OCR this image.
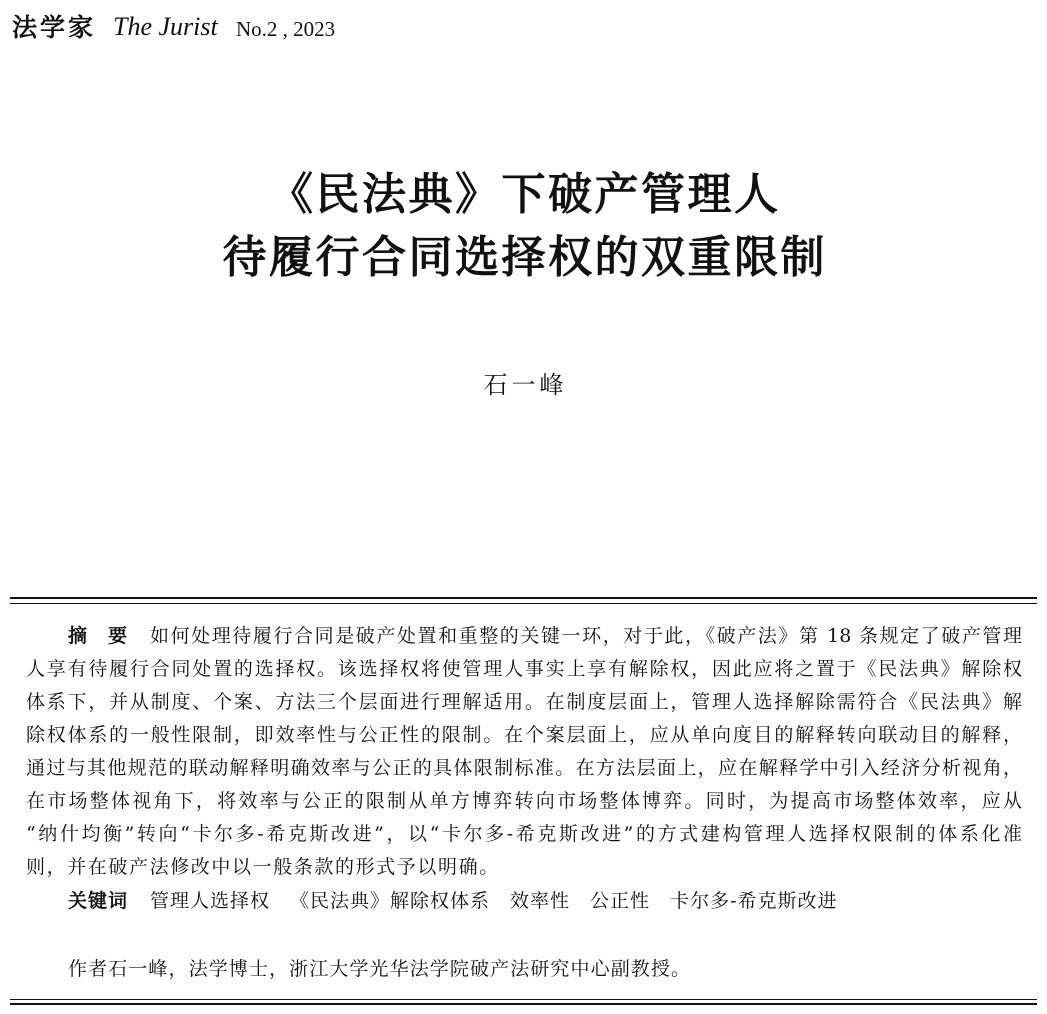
法学家 The Jurist No.2 , 2023
《民法典》下破产管理人
待履行合同选择权的双重限制
石一峰
摘　要	如何处理待履行合同是破产处置和重整的关键一环，对于此，《破产法》第 18 条规定了破产管理
人享有待履行合同处置的选择权。该选择权将使管理人事实上享有解除权，因此应将之置于《民法典》解除权
体系下，并从制度、个案、方法三个层面进行理解适用。在制度层面上，管理人选择解除需符合《民法典》解
除权体系的一般性限制，即效率性与公正性的限制。在个案层面上，应从单向度目的解释转向联动目的解释，
通过与其他规范的联动解释明确效率与公正的具体限制标准。在方法层面上，应在解释学中引入经济分析视角，
在市场整体视角下，将效率与公正的限制从单方博弈转向市场整体博弈。同时，为提高市场整体效率，应从
“纳什均衡”转向“卡尔多-希克斯改进”，以“卡尔多-希克斯改进”的方式建构管理人选择权限制的体系化准
则，并在破产法修改中以一般条款的形式予以明确。
关键词 管理人选择权 《民法典》解除权体系 效率性 公正性 卡尔多-希克斯改进
作者石一峰，法学博士，浙江大学光华法学院破产法研究中心副教授。
